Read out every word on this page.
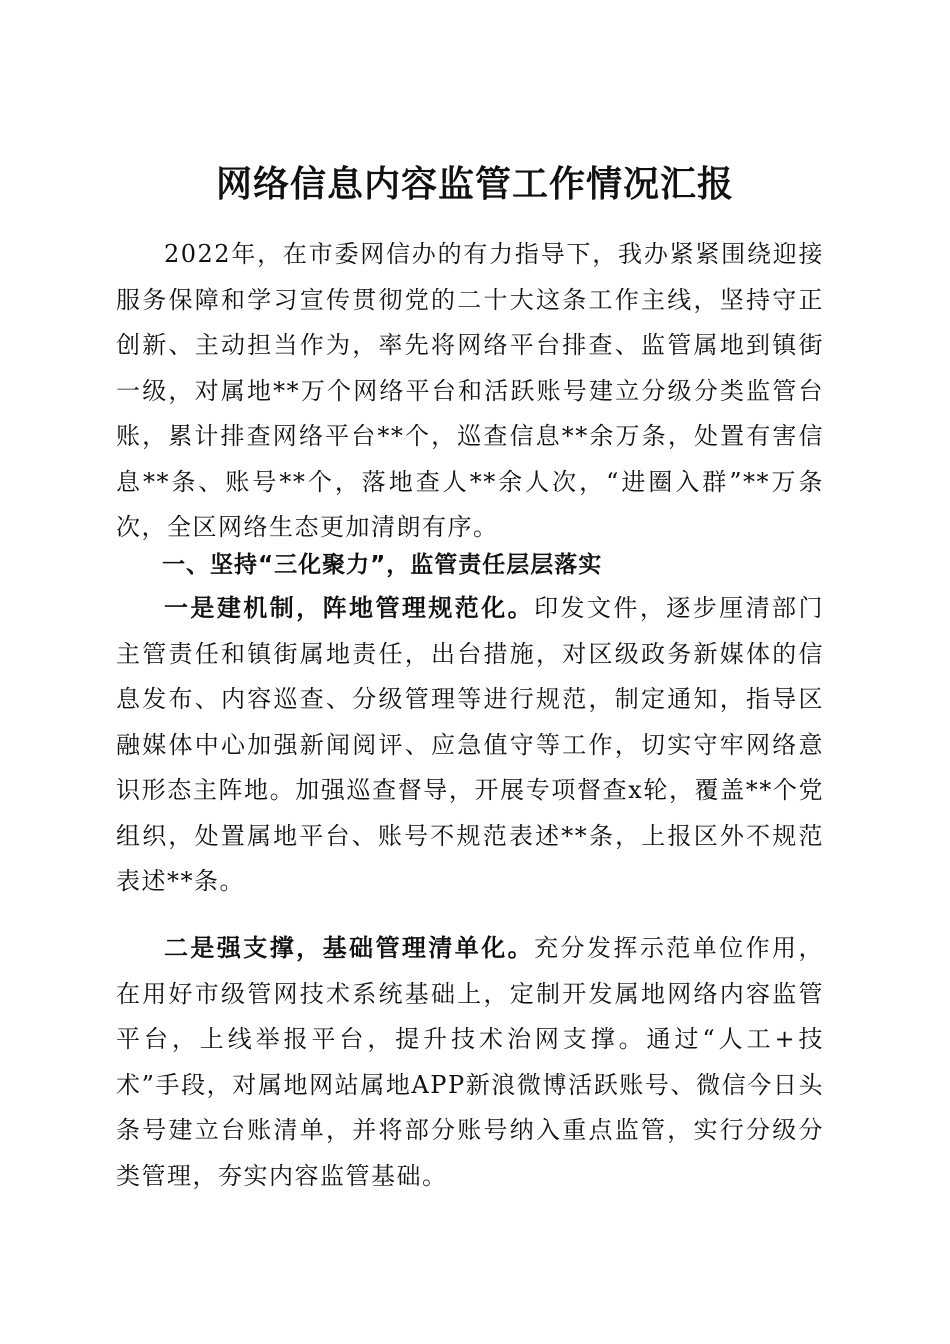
网络信息内容监管工作情况汇报

2022年，在市委网信办的有力指导下，我办紧紧围绕迎接服务保障和学习宣传贯彻党的二十大这条工作主线，坚持守正创新、主动担当作为，率先将网络平台排查、监管属地到镇街一级，对属地**万个网络平台和活跃账号建立分级分类监管台账，累计排查网络平台**个，巡查信息**余万条，处置有害信息**条、账号**个，落地查人**余人次，“进圈入群”**万条次，全区网络生态更加清朗有序。

一、坚持“三化聚力”，监管责任层层落实

一是建机制，阵地管理规范化。印发文件，逐步厘清部门主管责任和镇街属地责任，出台措施，对区级政务新媒体的信息发布、内容巡查、分级管理等进行规范，制定通知，指导区融媒体中心加强新闻阅评、应急值守等工作，切实守牢网络意识形态主阵地。加强巡查督导，开展专项督查x轮，覆盖**个党组织，处置属地平台、账号不规范表述**条，上报区外不规范表述**条。

二是强支撑，基础管理清单化。充分发挥示范单位作用，在用好市级管网技术系统基础上，定制开发属地网络内容监管平台，上线举报平台，提升技术治网支撑。通过“人工+技术”手段，对属地网站属地APP新浪微博活跃账号、微信今日头条号建立台账清单，并将部分账号纳入重点监管，实行分级分类管理，夯实内容监管基础。
